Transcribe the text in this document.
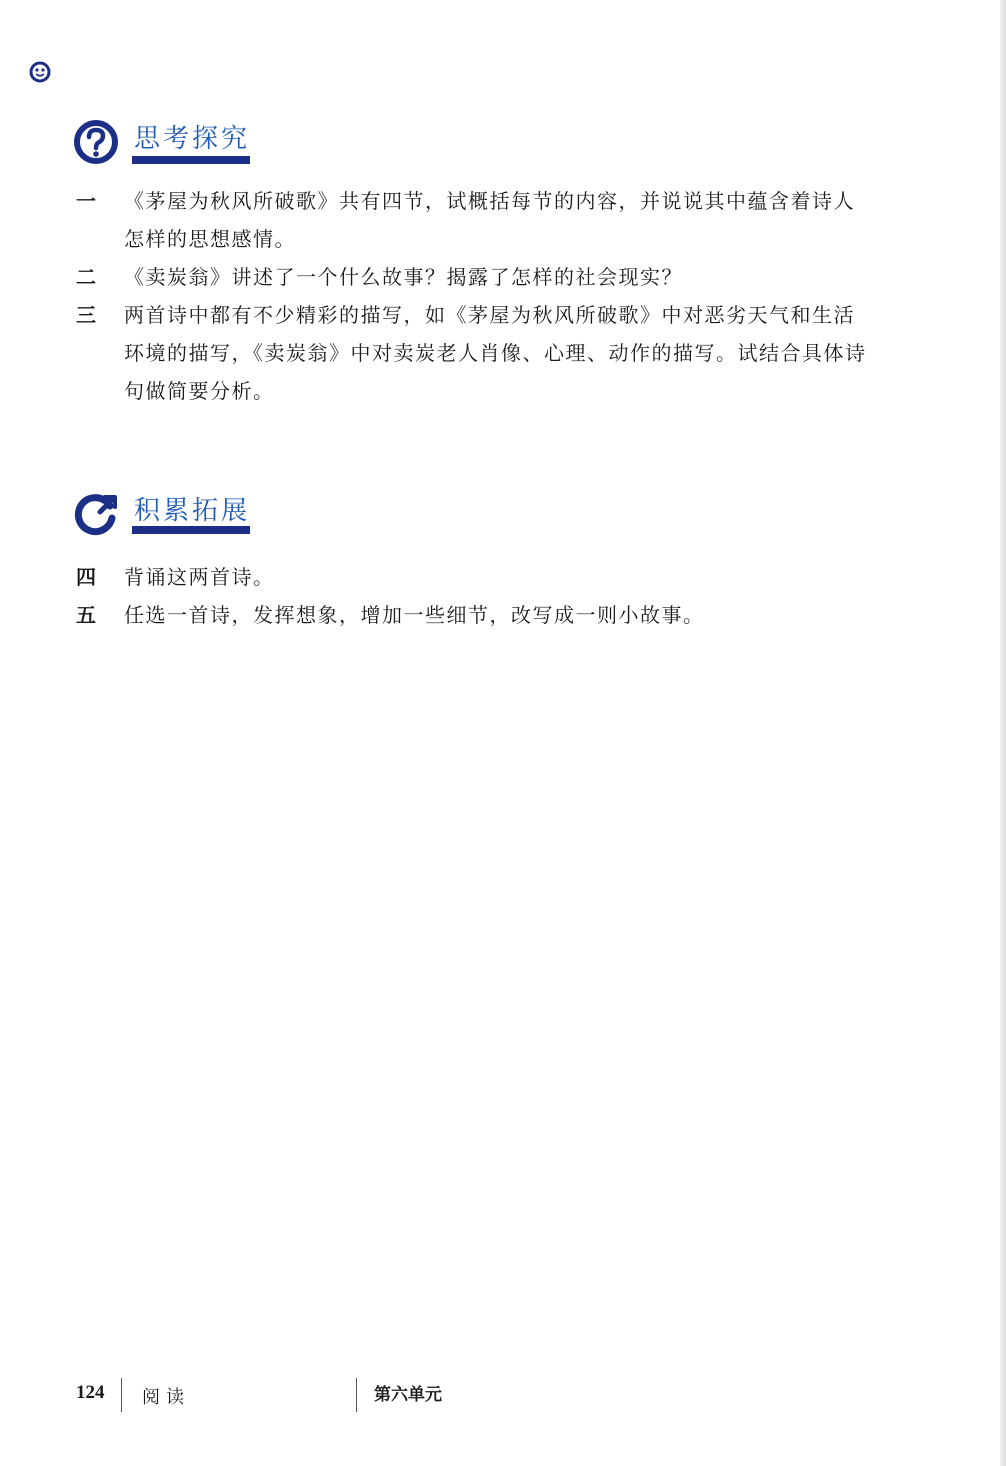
思考探究
一 《茅屋为秋风所破歌》共有四节，试概括每节的内容，并说说其中蕴含着诗人怎样的思想感情。
二 《卖炭翁》讲述了一个什么故事？揭露了怎样的社会现实？
三 两首诗中都有不少精彩的描写，如《茅屋为秋风所破歌》中对恶劣天气和生活环境的描写，《卖炭翁》中对卖炭老人肖像、心理、动作的描写。试结合具体诗句做简要分析。
积累拓展
四 背诵这两首诗。
五 任选一首诗，发挥想象，增加一些细节，改写成一则小故事。
124 阅读	第六单元
